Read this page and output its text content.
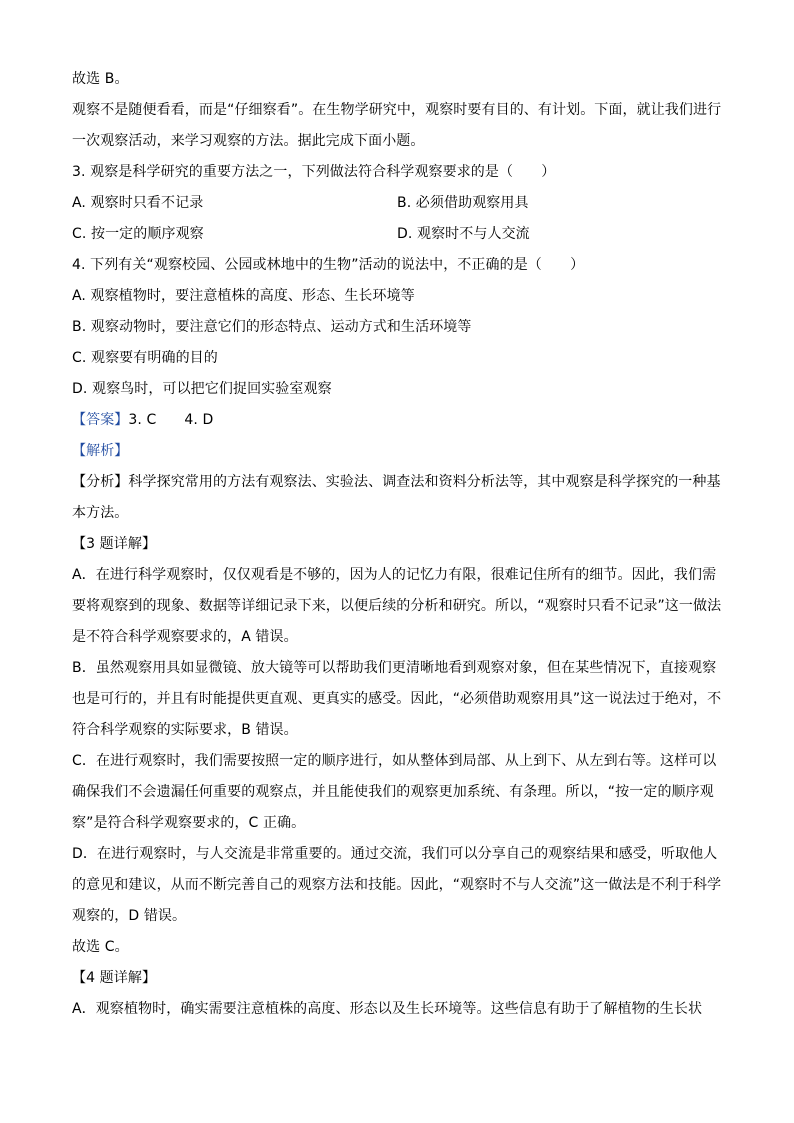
故选 B。
观察不是随便看看，而是“仔细察看”。在生物学研究中，观察时要有目的、有计划。下面，就让我们进行
一次观察活动，来学习观察的方法。据此完成下面小题。
3. 观察是科学研究的重要方法之一，下列做法符合科学观察要求的是（　　）
A. 观察时只看不记录	B. 必须借助观察用具
C. 按一定的顺序观察	D. 观察时不与人交流
4. 下列有关“观察校园、公园或林地中的生物”活动的说法中，不正确的是（　　）
A. 观察植物时，要注意植株的高度、形态、生长环境等
B. 观察动物时，要注意它们的形态特点、运动方式和生活环境等
C. 观察要有明确的目的
D. 观察鸟时，可以把它们捉回实验室观察
【答案】3. C 4. D
【解析】
【分析】科学探究常用的方法有观察法、实验法、调查法和资料分析法等，其中观察是科学探究的一种基
本方法。
【3 题详解】
A．在进行科学观察时，仅仅观看是不够的，因为人的记忆力有限，很难记住所有的细节。因此，我们需
要将观察到的现象、数据等详细记录下来，以便后续的分析和研究。所以，“观察时只看不记录”这一做法
是不符合科学观察要求的，A 错误。
B．虽然观察用具如显微镜、放大镜等可以帮助我们更清晰地看到观察对象，但在某些情况下，直接观察
也是可行的，并且有时能提供更直观、更真实的感受。因此，“必须借助观察用具”这一说法过于绝对，不
符合科学观察的实际要求，B 错误。
C．在进行观察时，我们需要按照一定的顺序进行，如从整体到局部、从上到下、从左到右等。这样可以
确保我们不会遗漏任何重要的观察点，并且能使我们的观察更加系统、有条理。所以，“按一定的顺序观
察”是符合科学观察要求的，C 正确。
D．在进行观察时，与人交流是非常重要的。通过交流，我们可以分享自己的观察结果和感受，听取他人
的意见和建议，从而不断完善自己的观察方法和技能。因此，“观察时不与人交流”这一做法是不利于科学
观察的，D 错误。
故选 C。
【4 题详解】
A．观察植物时，确实需要注意植株的高度、形态以及生长环境等。这些信息有助于了解植物的生长状
